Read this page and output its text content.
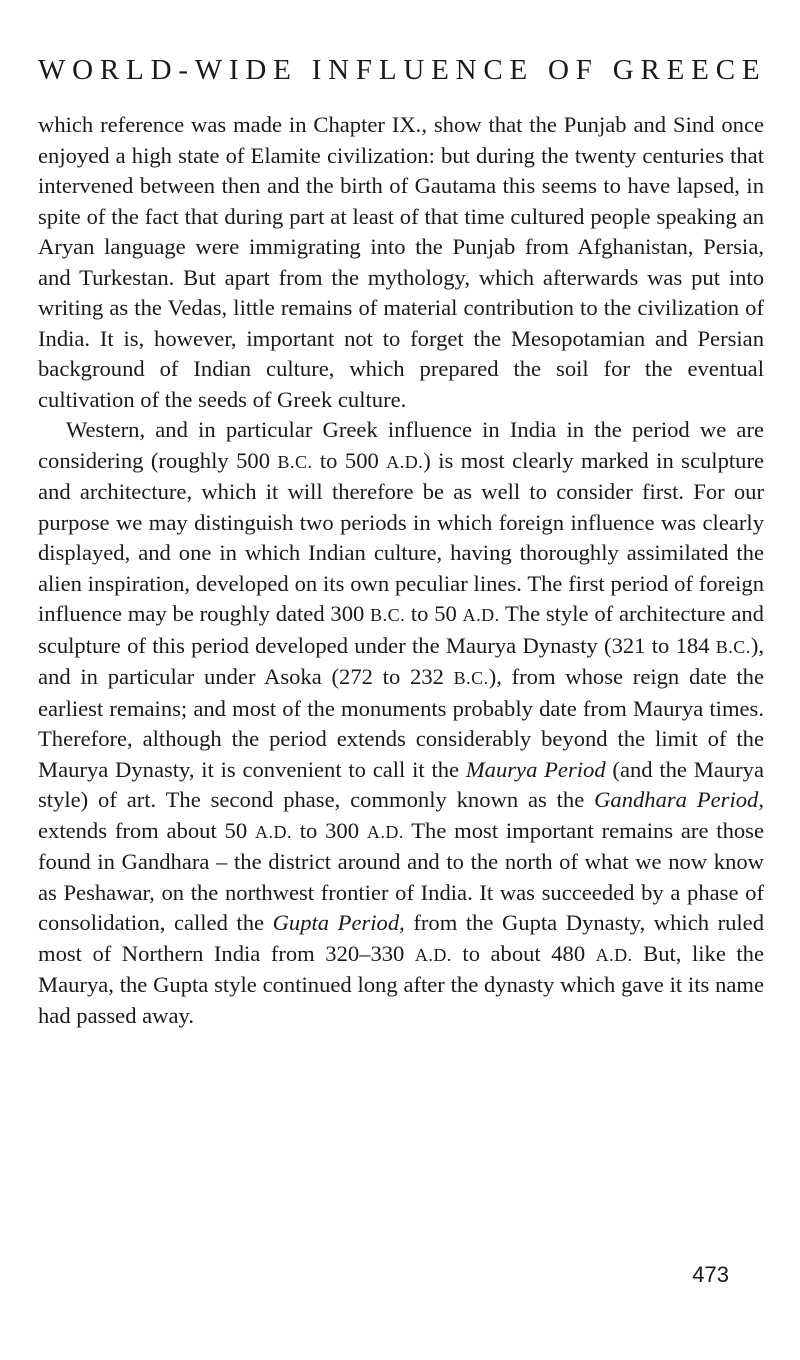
WORLD-WIDE INFLUENCE OF GREECE

which reference was made in Chapter IX., show that the Punjab and Sind once enjoyed a high state of Elamite civilization: but during the twenty centuries that intervened between then and the birth of Gautama this seems to have lapsed, in spite of the fact that during part at least of that time cultured people speaking an Aryan language were immigrating into the Punjab from Afghanistan, Persia, and Turkestan. But apart from the mythology, which afterwards was put into writing as the Vedas, little remains of material contribution to the civilization of India. It is, however, important not to forget the Mesopotamian and Persian background of Indian culture, which prepared the soil for the eventual cultivation of the seeds of Greek culture.

Western, and in particular Greek influence in India in the period we are considering (roughly 500 B.C. to 500 A.D.) is most clearly marked in sculpture and architecture, which it will therefore be as well to consider first. For our purpose we may distinguish two periods in which foreign influence was clearly displayed, and one in which Indian culture, having thoroughly assimilated the alien inspiration, developed on its own peculiar lines. The first period of foreign influence may be roughly dated 300 B.C. to 50 A.D. The style of architecture and sculpture of this period developed under the Maurya Dynasty (321 to 184 B.C.), and in particular under Asoka (272 to 232 B.C.), from whose reign date the earliest remains; and most of the monuments probably date from Maurya times. Therefore, although the period extends considerably beyond the limit of the Maurya Dynasty, it is convenient to call it the Maurya Period (and the Maurya style) of art. The second phase, commonly known as the Gandhara Period, extends from about 50 A.D. to 300 A.D. The most important remains are those found in Gandhara – the district around and to the north of what we now know as Peshawar, on the northwest frontier of India. It was succeeded by a phase of consolidation, called the Gupta Period, from the Gupta Dynasty, which ruled most of Northern India from 320–330 A.D. to about 480 A.D. But, like the Maurya, the Gupta style continued long after the dynasty which gave it its name had passed away.

473
